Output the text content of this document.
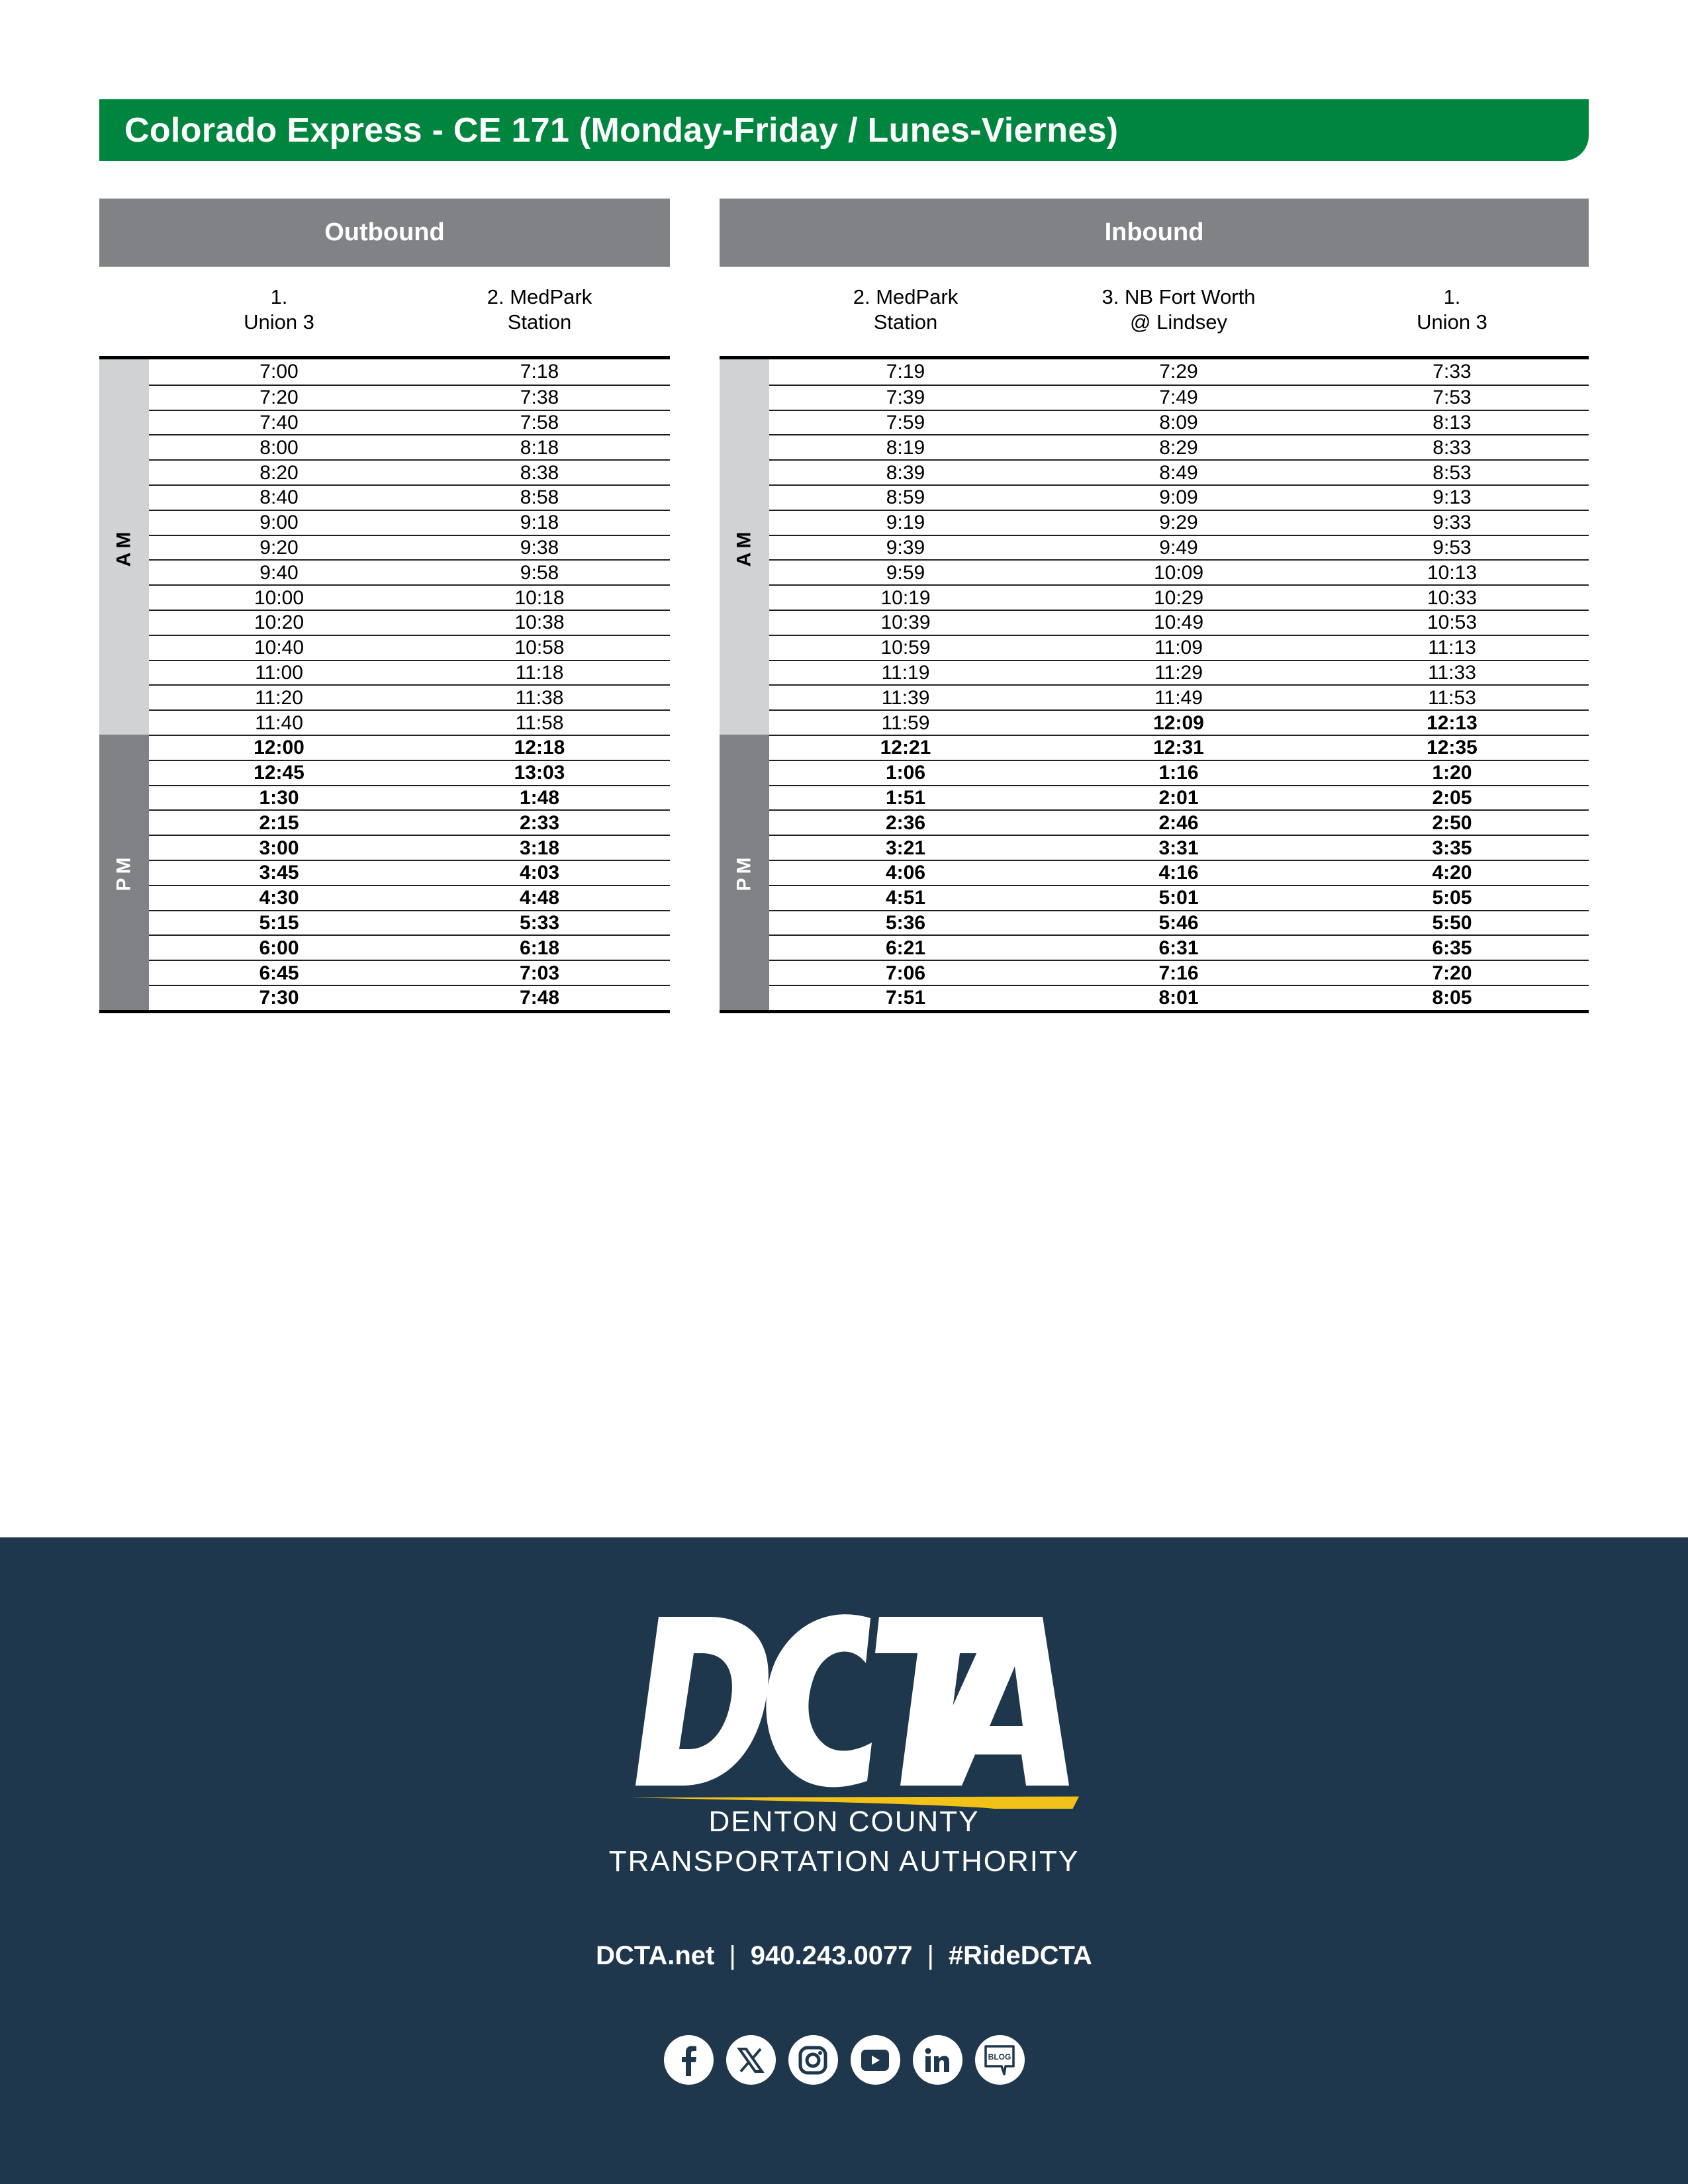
Colorado Express - CE 171 (Monday-Friday / Lunes-Viernes)
Outbound
1.
Union 3
2. MedPark
Station
AM
7:00	7:18
7:20	7:38
7:40	7:58
8:00	8:18
8:20	8:38
8:40	8:58
9:00	9:18
9:20	9:38
9:40	9:58
10:00	10:18
10:20	10:38
10:40	10:58
11:00	11:18
11:20	11:38
11:40	11:58
PM
12:00	12:18
12:45	13:03
1:30	1:48
2:15	2:33
3:00	3:18
3:45	4:03
4:30	4:48
5:15	5:33
6:00	6:18
6:45	7:03
7:30	7:48
Inbound
2. MedPark
Station
3. NB Fort Worth
@ Lindsey
1.
Union 3
AM
7:19	7:29	7:33
7:39	7:49	7:53
7:59	8:09	8:13
8:19	8:29	8:33
8:39	8:49	8:53
8:59	9:09	9:13
9:19	9:29	9:33
9:39	9:49	9:53
9:59	10:09	10:13
10:19	10:29	10:33
10:39	10:49	10:53
10:59	11:09	11:13
11:19	11:29	11:33
11:39	11:49	11:53
11:59	12:09	12:13
PM
12:21	12:31	12:35
1:06	1:16	1:20
1:51	2:01	2:05
2:36	2:46	2:50
3:21	3:31	3:35
4:06	4:16	4:20
4:51	5:01	5:05
5:36	5:46	5:50
6:21	6:31	6:35
7:06	7:16	7:20
7:51	8:01	8:05
DENTON COUNTY
TRANSPORTATION AUTHORITY
DCTA.net | 940.243.0077 | #RideDCTA
BLOG
